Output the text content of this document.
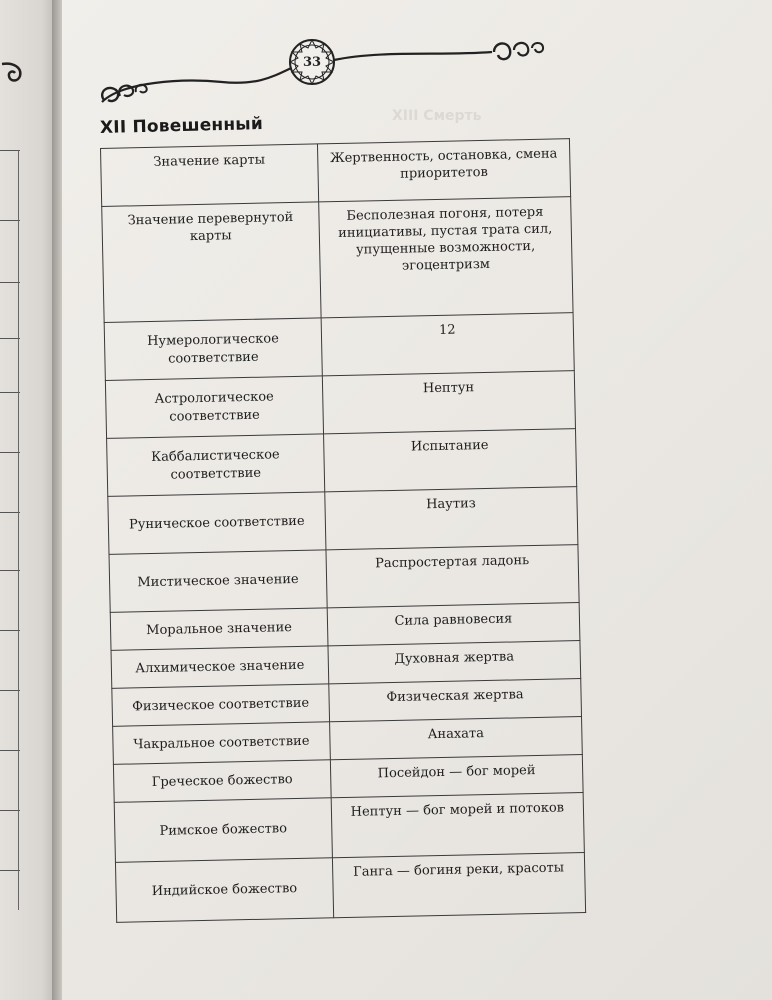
XIII Смерть
33
XII Повешенный
Значение карты	Жертвенность, остановка, смена приоритетов
Значение перевернутой карты	Бесполезная погоня, потеря инициативы, пустая трата сил, упущенные возможности, эгоцентризм
Нумерологическое соответствие	12
Астрологическое соответствие	Нептун
Каббалистическое соответствие	Испытание
Руническое соответствие	Наутиз
Мистическое значение	Распростертая ладонь
Моральное значение	Сила равновесия
Алхимическое значение	Духовная жертва
Физическое соответствие	Физическая жертва
Чакральное соответствие	Анахата
Греческое божество	Посейдон — бог морей
Римское божество	Нептун — бог морей и потоков
Индийское божество	Ганга — богиня реки, красоты
